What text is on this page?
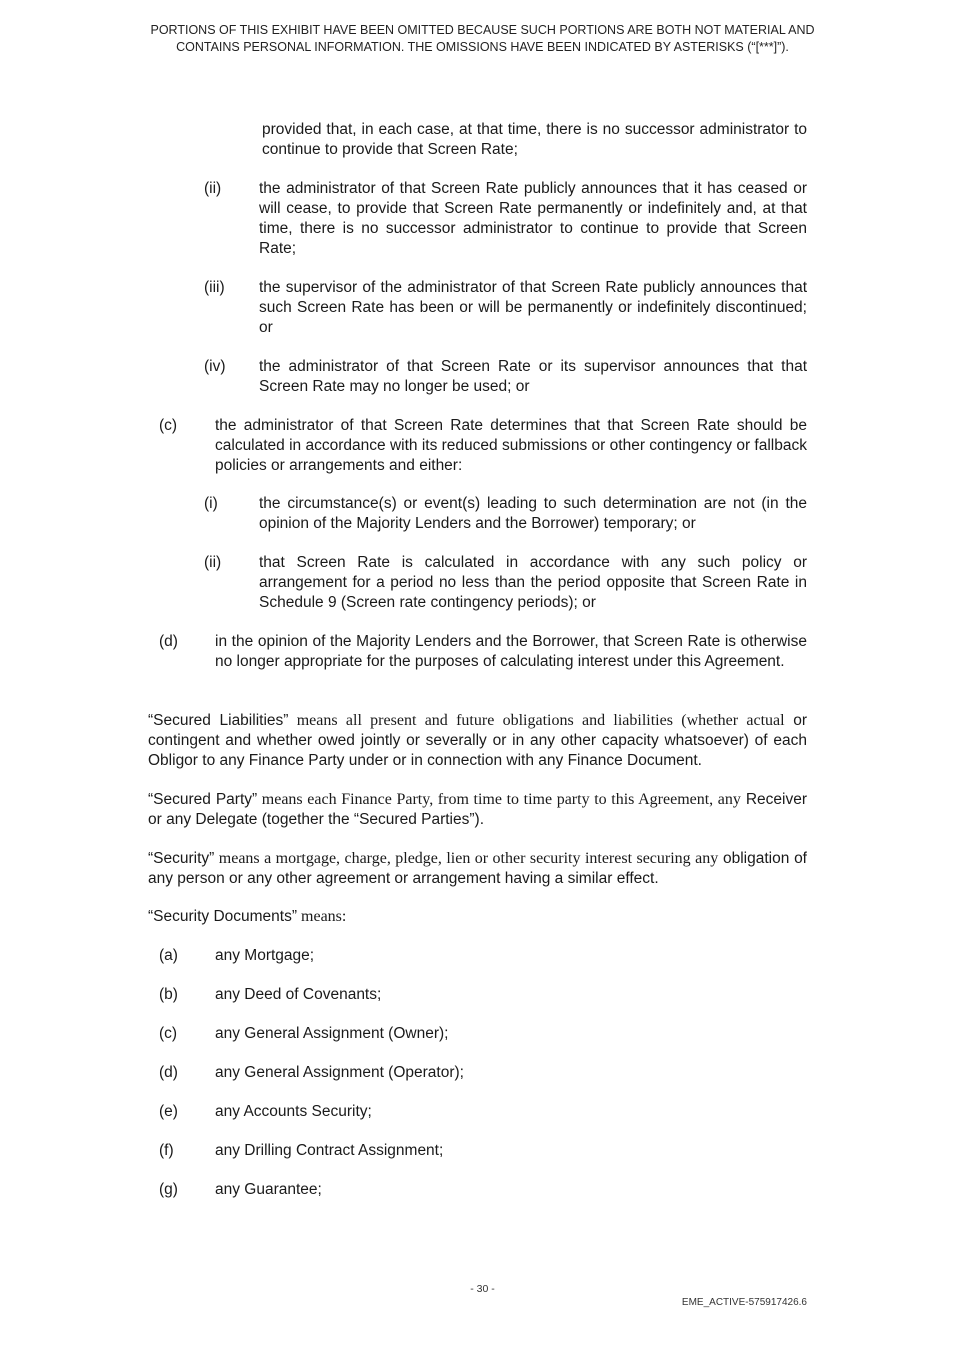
PORTIONS OF THIS EXHIBIT HAVE BEEN OMITTED BECAUSE SUCH PORTIONS ARE BOTH NOT MATERIAL AND
CONTAINS PERSONAL INFORMATION. THE OMISSIONS HAVE BEEN INDICATED BY ASTERISKS (“[***]”).
provided that, in each case, at that time, there is no successor administrator to continue to provide that Screen Rate;
(ii) the administrator of that Screen Rate publicly announces that it has ceased or will cease, to provide that Screen Rate permanently or indefinitely and, at that time, there is no successor administrator to continue to provide that Screen Rate;
(iii) the supervisor of the administrator of that Screen Rate publicly announces that such Screen Rate has been or will be permanently or indefinitely discontinued; or
(iv) the administrator of that Screen Rate or its supervisor announces that that Screen Rate may no longer be used; or
(c) the administrator of that Screen Rate determines that that Screen Rate should be calculated in accordance with its reduced submissions or other contingency or fallback policies or arrangements and either:
(i)	the circumstance(s) or event(s) leading to such determination are not (in the opinion of the Majority Lenders and the Borrower) temporary; or
(ii) that Screen Rate is calculated in accordance with any such policy or arrangement for a period no less than the period opposite that Screen Rate in Schedule 9 (Screen rate contingency periods); or
(d) in the opinion of the Majority Lenders and the Borrower, that Screen Rate is otherwise no longer appropriate for the purposes of calculating interest under this Agreement.
“Secured Liabilities” means all present and future obligations and liabilities (whether actual or contingent and whether owed jointly or severally or in any other capacity whatsoever) of each Obligor to any Finance Party under or in connection with any Finance Document.
“Secured Party” means each Finance Party, from time to time party to this Agreement, any Receiver or any Delegate (together the “Secured Parties”).
“Security” means a mortgage, charge, pledge, lien or other security interest securing any obligation of any person or any other agreement or arrangement having a similar effect.
“Security Documents” means:
(a) any Mortgage;
(b) any Deed of Covenants;
(c) any General Assignment (Owner);
(d) any General Assignment (Operator);
(e) any Accounts Security;
(f)	any Drilling Contract Assignment;
(g) any Guarantee;
- 30 -
EME_ACTIVE-575917426.6
